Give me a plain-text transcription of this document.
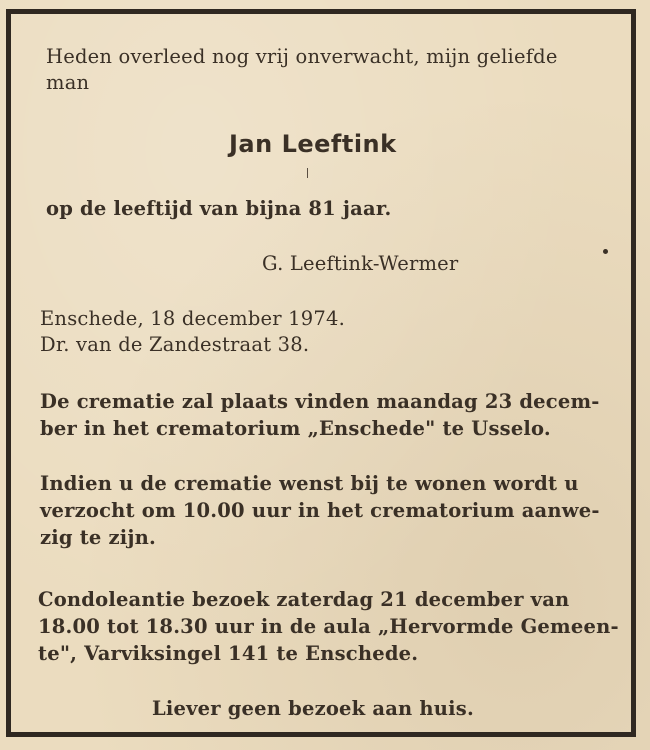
Heden overleed nog vrij onverwacht, mijn geliefde
man
Jan Leeftink
op de leeftijd van bijna 81 jaar.
G. Leeftink-Wermer
Enschede, 18 december 1974.
Dr. van de Zandestraat 38.
De crematie zal plaats vinden maandag 23 decem-
ber in het crematorium „Enschede" te Usselo.
Indien u de crematie wenst bij te wonen wordt u
verzocht om 10.00 uur in het crematorium aanwe-
zig te zijn.
Condoleantie bezoek zaterdag 21 december van
18.00 tot 18.30 uur in de aula „Hervormde Gemeen-
te", Varviksingel 141 te Enschede.
Liever geen bezoek aan huis.
